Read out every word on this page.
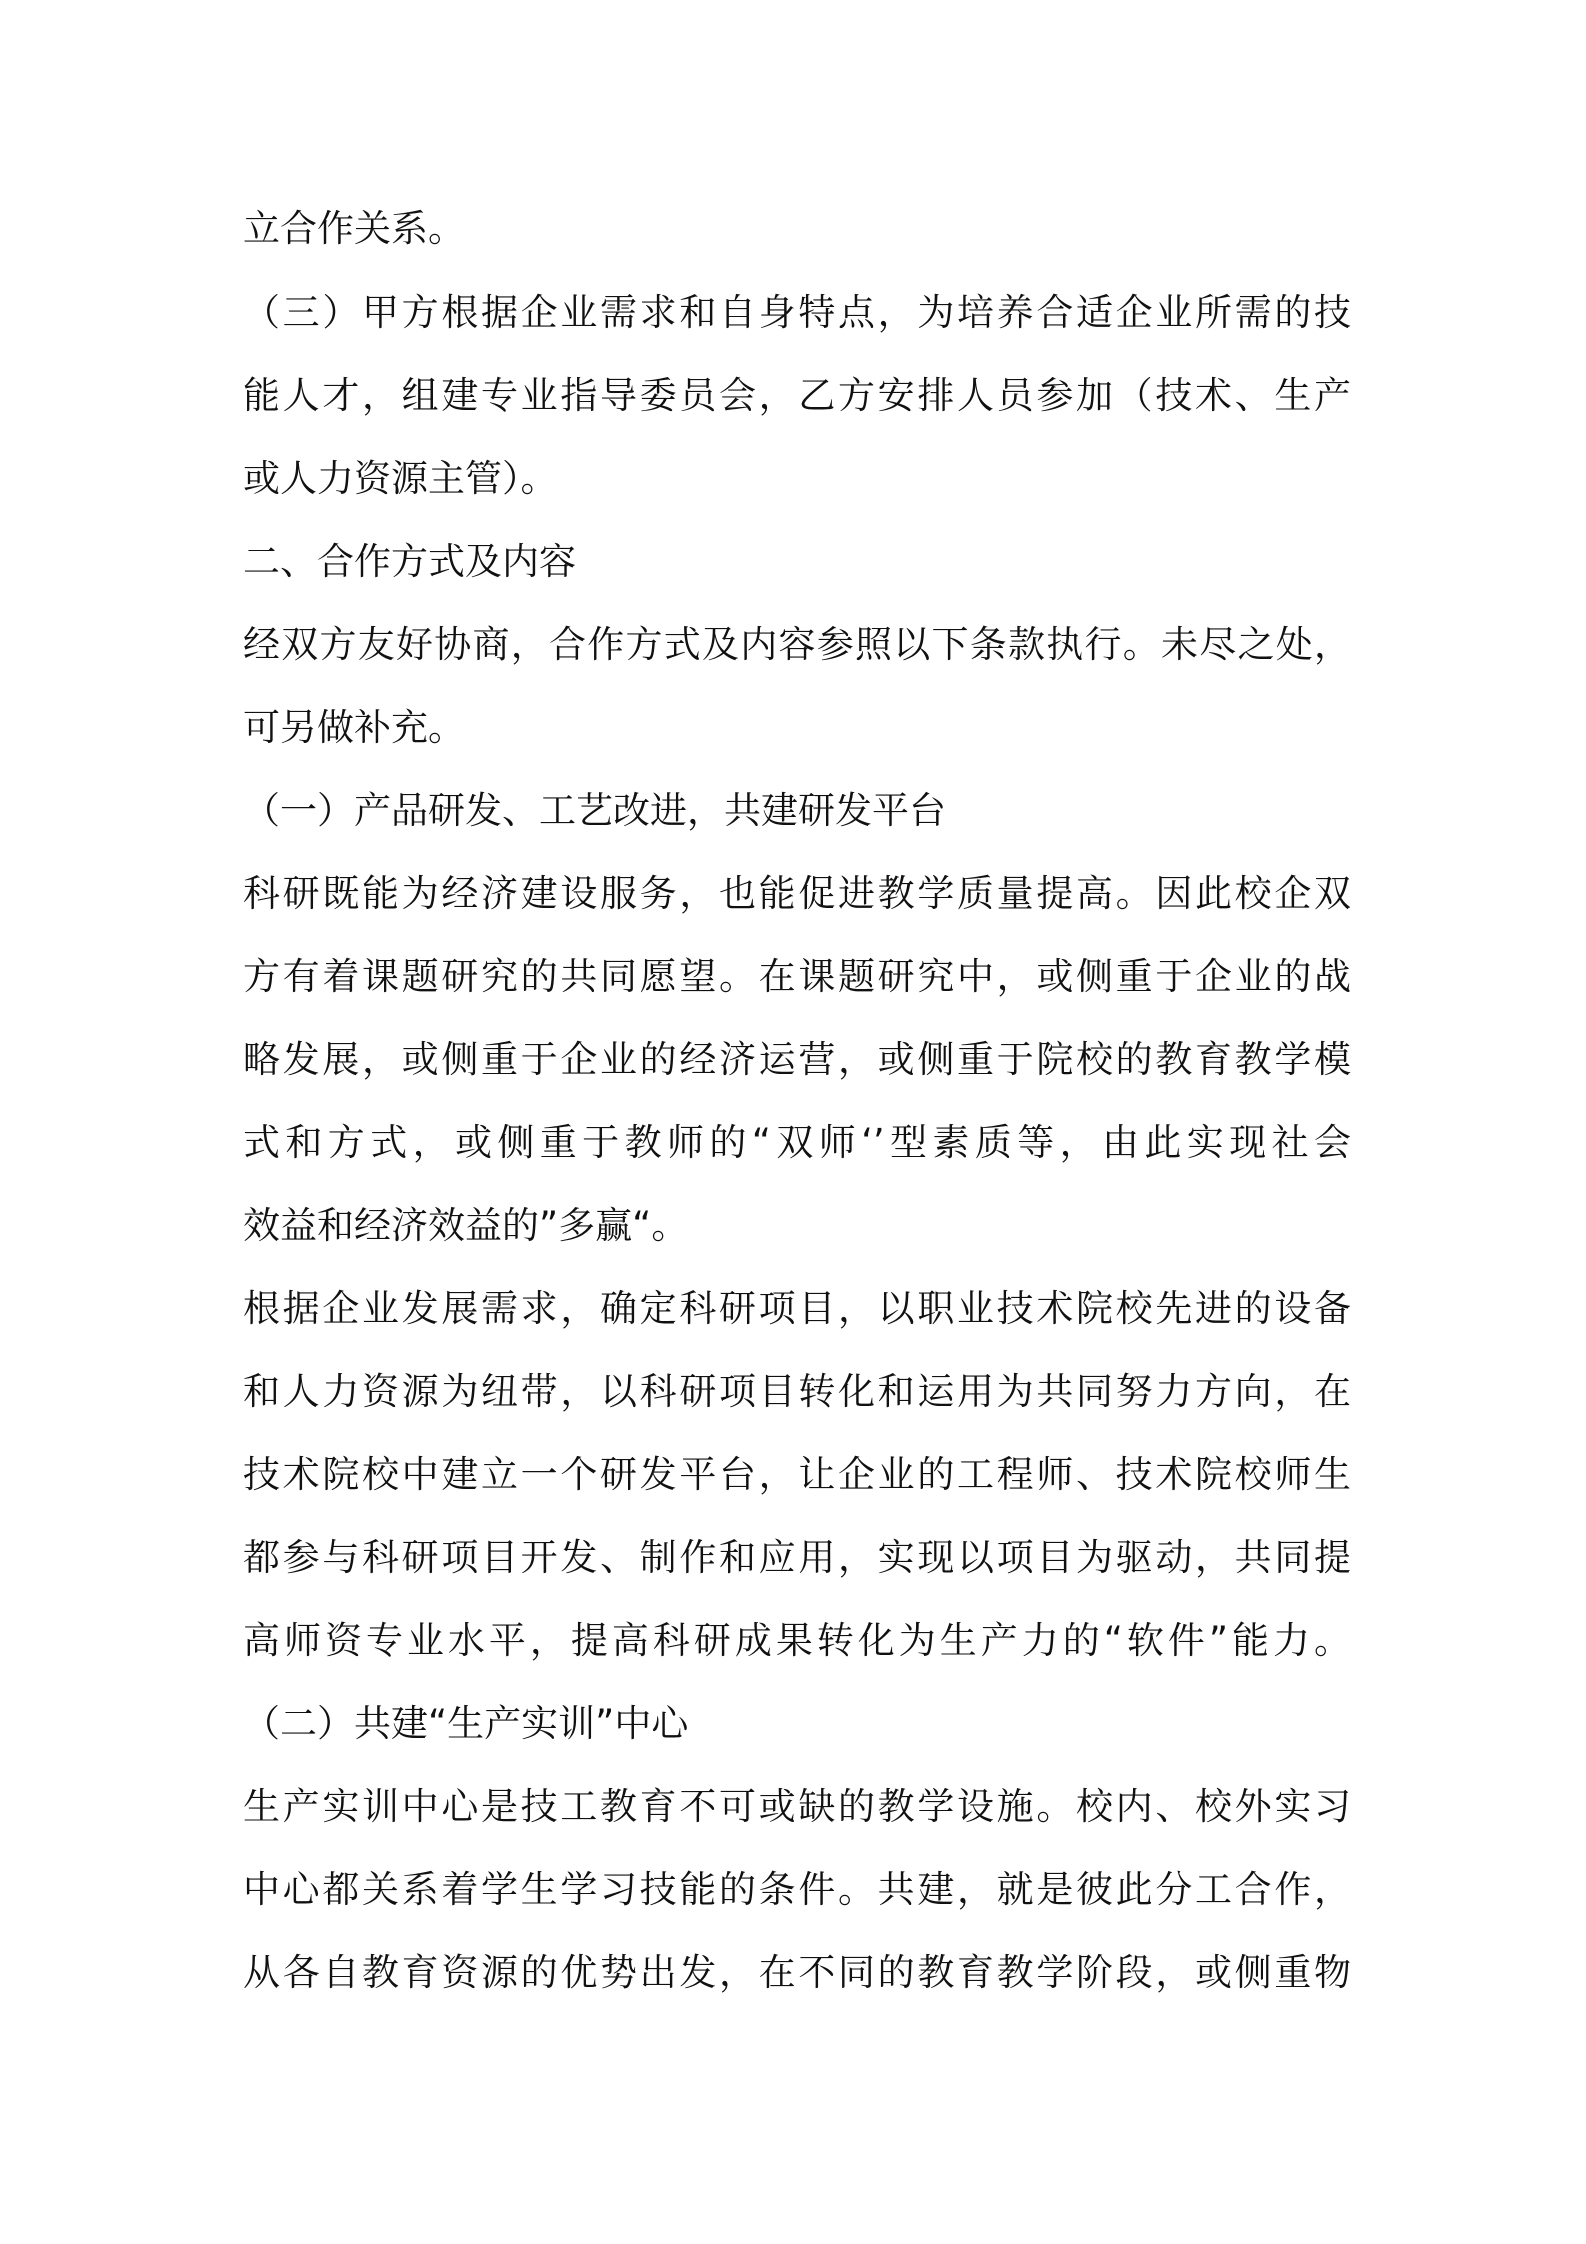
立合作关系。

（三）甲方根据企业需求和自身特点，为培养合适企业所需的技

能人才，组建专业指导委员会，乙方安排人员参加（技术、生产

或人力资源主管）。

二、合作方式及内容

经双方友好协商，合作方式及内容参照以下条款执行。未尽之处，

可另做补充。

（一）产品研发、工艺改进，共建研发平台

科研既能为经济建设服务，也能促进教学质量提高。因此校企双

方有着课题研究的共同愿望。在课题研究中，或侧重于企业的战

略发展，或侧重于企业的经济运营，或侧重于院校的教育教学模

式和方式，或侧重于教师的“双师‘’型素质等，由此实现社会

效益和经济效益的”多赢“。

根据企业发展需求，确定科研项目，以职业技术院校先进的设备

和人力资源为纽带，以科研项目转化和运用为共同努力方向，在

技术院校中建立一个研发平台，让企业的工程师、技术院校师生

都参与科研项目开发、制作和应用，实现以项目为驱动，共同提

高师资专业水平，提高科研成果转化为生产力的“软件”能力。

（二）共建“生产实训”中心

生产实训中心是技工教育不可或缺的教学设施。校内、校外实习

中心都关系着学生学习技能的条件。共建，就是彼此分工合作，

从各自教育资源的优势出发，在不同的教育教学阶段，或侧重物
